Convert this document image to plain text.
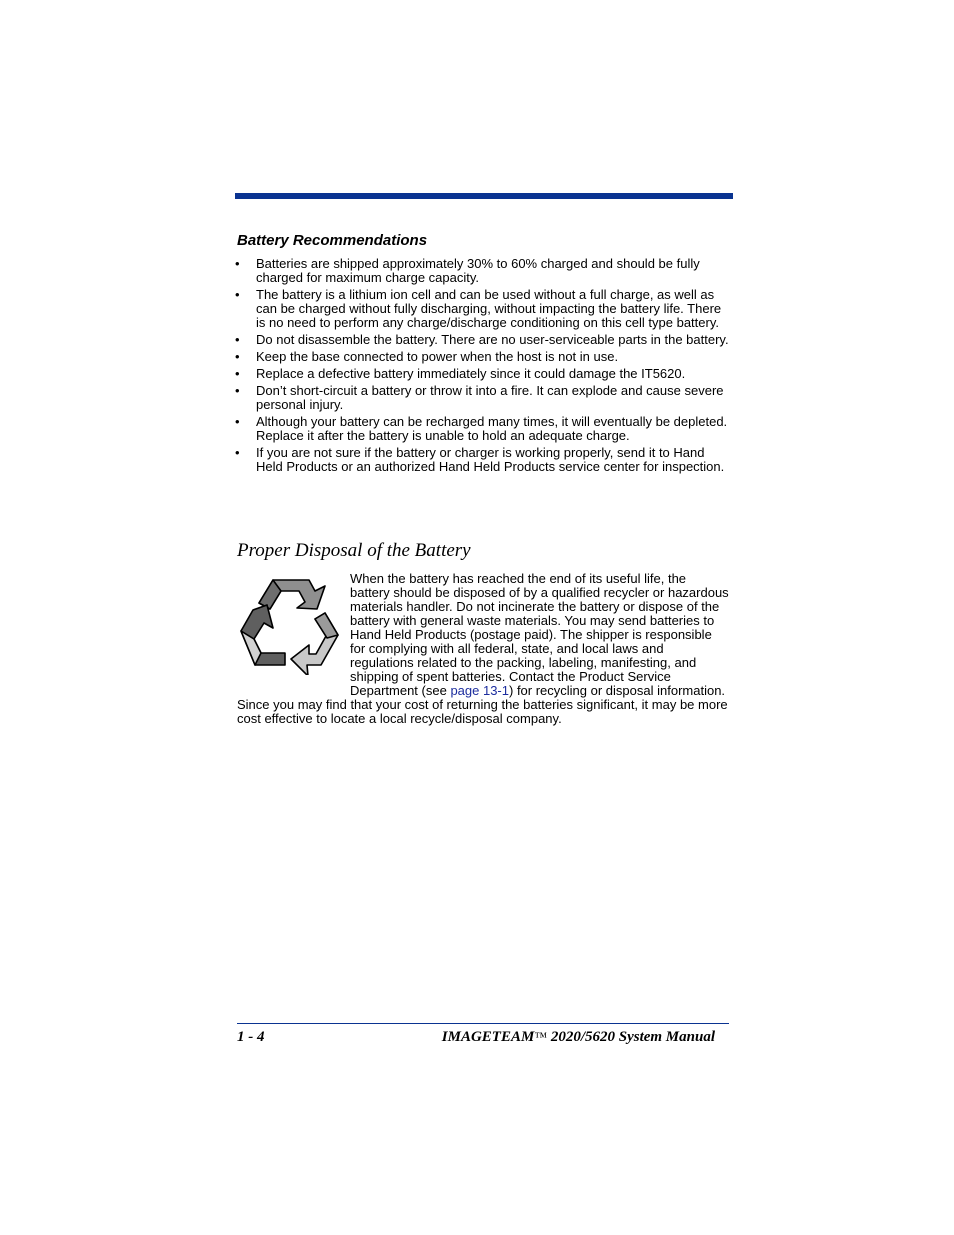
Battery Recommendations
• Batteries are shipped approximately 30% to 60% charged and should be fully charged for maximum charge capacity.
• The battery is a lithium ion cell and can be used without a full charge, as well as can be charged without fully discharging, without impacting the battery life. There is no need to perform any charge/discharge conditioning on this cell type battery.
• Do not disassemble the battery. There are no user-serviceable parts in the battery.
• Keep the base connected to power when the host is not in use.
• Replace a defective battery immediately since it could damage the IT5620.
• Don’t short-circuit a battery or throw it into a fire. It can explode and cause severe personal injury.
• Although your battery can be recharged many times, it will eventually be depleted. Replace it after the battery is unable to hold an adequate charge.
• If you are not sure if the battery or charger is working properly, send it to Hand Held Products or an authorized Hand Held Products service center for inspection.
Proper Disposal of the Battery

When the battery has reached the end of its useful life, the battery should be disposed of by a qualified recycler or hazardous materials handler. Do not incinerate the battery or dispose of the battery with general waste materials. You may send batteries to Hand Held Products (postage paid). The shipper is responsible for complying with all federal, state, and local laws and regulations related to the packing, labeling, manifesting, and shipping of spent batteries. Contact the Product Service Department (see page 13-1) for recycling or disposal information. Since you may find that your cost of returning the batteries significant, it may be more cost effective to locate a local recycle/disposal company.

1 - 4	IMAGETEAM™ 2020/5620 System Manual
